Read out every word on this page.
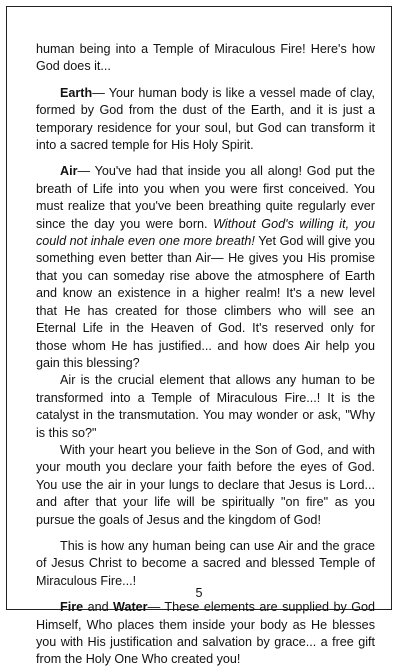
human being into a Temple of Miraculous Fire! Here's how God does it...

Earth— Your human body is like a vessel made of clay, formed by God from the dust of the Earth, and it is just a temporary residence for your soul, but God can transform it into a sacred temple for His Holy Spirit.

Air— You've had that inside you all along! God put the breath of Life into you when you were first conceived. You must realize that you've been breathing quite regularly ever since the day you were born. Without God's willing it, you could not inhale even one more breath! Yet God will give you something even better than Air— He gives you His promise that you can someday rise above the atmosphere of Earth and know an existence in a higher realm! It's a new level that He has created for those climbers who will see an Eternal Life in the Heaven of God. It's reserved only for those whom He has justified... and how does Air help you gain this blessing?

Air is the crucial element that allows any human to be transformed into a Temple of Miraculous Fire...! It is the catalyst in the transmutation. You may wonder or ask, "Why is this so?"

With your heart you believe in the Son of God, and with your mouth you declare your faith before the eyes of God. You use the air in your lungs to declare that Jesus is Lord... and after that your life will be spiritually "on fire" as you pursue the goals of Jesus and the kingdom of God!

This is how any human being can use Air and the grace of Jesus Christ to become a sacred and blessed Temple of Miraculous Fire...!

Fire and Water— These elements are supplied by God Himself, Who places them inside your body as He blesses you with His justification and salvation by grace... a free gift from the Holy One Who created you!

5
